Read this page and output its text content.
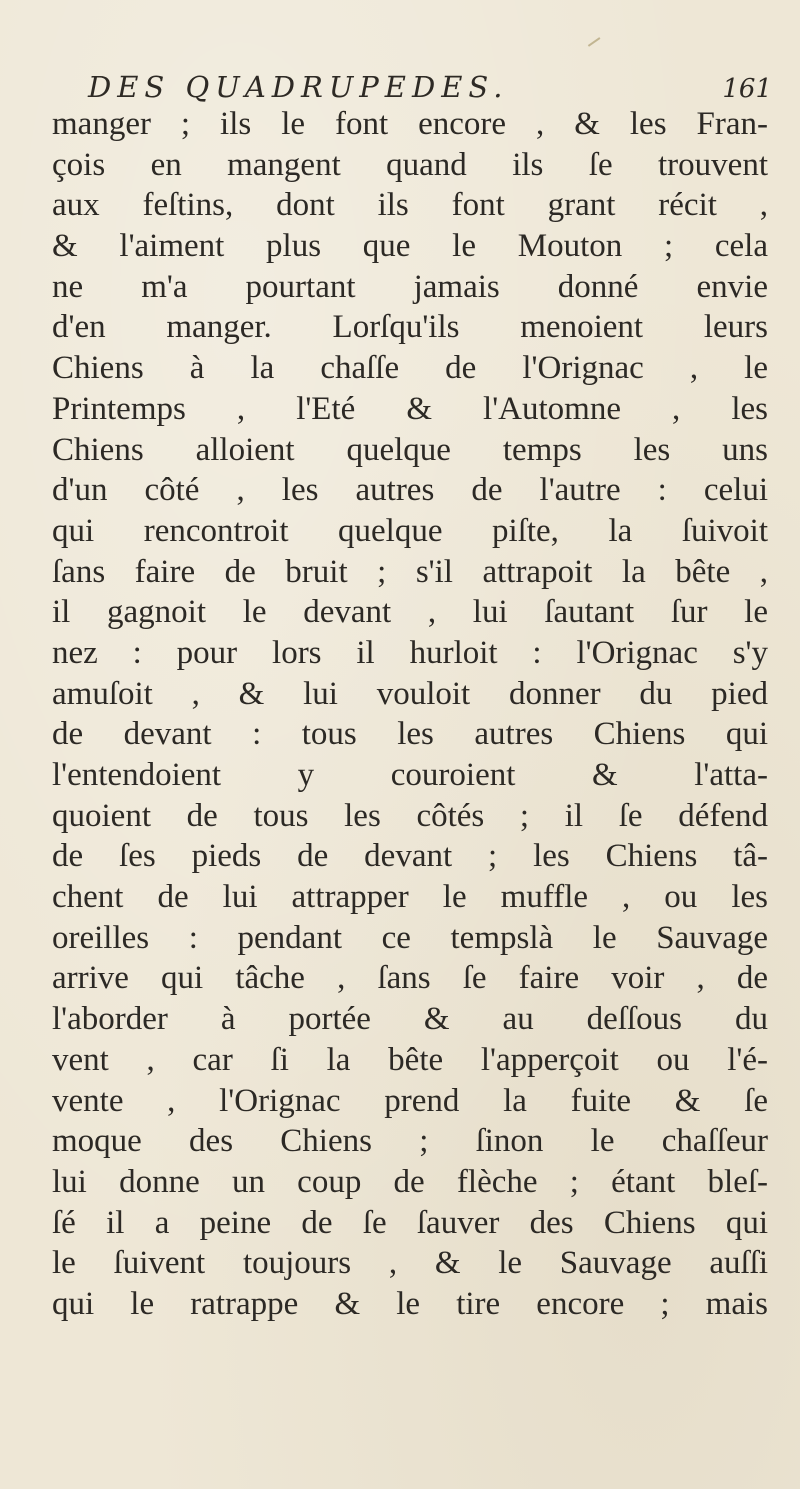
DES QUADRUPEDES.	161
manger ; ils le font encore , & les Fran-
çois en mangent quand ils ſe trouvent
aux feſtins, dont ils font grant récit ,
& l'aiment plus que le Mouton ; cela
ne m'a pourtant jamais donné envie
d'en manger. Lorſqu'ils menoient leurs
Chiens à la chaſſe de l'Orignac , le
Printemps , l'Eté & l'Automne , les
Chiens alloient quelque temps les uns
d'un côté , les autres de l'autre : celui
qui rencontroit quelque piſte, la ſuivoit
ſans faire de bruit ; s'il attrapoit la bête ,
il gagnoit le devant , lui ſautant ſur le
nez : pour lors il hurloit : l'Orignac s'y
amuſoit , & lui vouloit donner du pied
de devant : tous les autres Chiens qui
l'entendoient y couroient & l'atta-
quoient de tous les côtés ; il ſe défend
de ſes pieds de devant ; les Chiens tâ-
chent de lui attrapper le muffle , ou les
oreilles : pendant ce tempslà le Sauvage
arrive qui tâche , ſans ſe faire voir , de
l'aborder à portée & au deſſous du
vent , car ſi la bête l'apperçoit ou l'é-
vente , l'Orignac prend la fuite & ſe
moque des Chiens ; ſinon le chaſſeur
lui donne un coup de flèche ; étant bleſ-
ſé il a peine de ſe ſauver des Chiens qui
le ſuivent toujours , & le Sauvage auſſi
qui le ratrappe & le tire encore ; mais
